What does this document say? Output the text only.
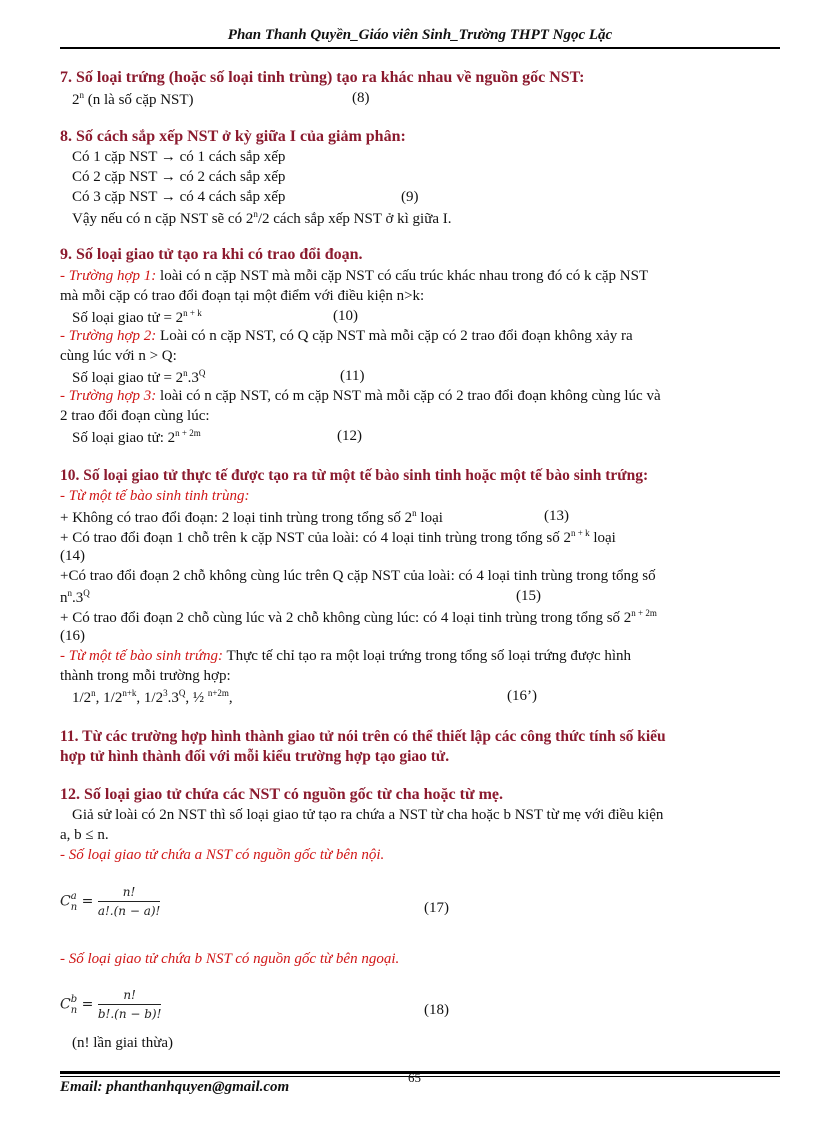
Phan Thanh Quyền_Giáo viên Sinh_Trường THPT Ngọc Lặc
7. Số loại trứng (hoặc số loại tinh trùng) tạo ra khác nhau về nguồn gốc NST:
2$^n$ (n là số cặp NST)	(8)
8. Số cách sắp xếp NST ở kỳ giữa I của giảm phân:
Có 1 cặp NST → có 1 cách sắp xếp
Có 2 cặp NST → có 2 cách sắp xếp
Có 3 cặp NST → có 4 cách sắp xếp	(9)
Vậy nếu có n cặp NST sẽ có 2$^n$/2 cách sắp xếp NST ở kì giữa I.
9. Số loại giao tử tạo ra khi có trao đổi đoạn.
- Trường hợp 1: loài có n cặp NST mà mỗi cặp NST có cấu trúc khác nhau trong đó có k cặp NST
mà mỗi cặp có trao đổi đoạn tại một điểm với điều kiện n>k:
Số loại giao tử = $2^{n + k}$	(10)
- Trường hợp 2: Loài có n cặp NST, có Q cặp NST mà mỗi cặp có 2 trao đổi đoạn không xảy ra
cùng lúc với n > Q:
Số loại giao tử = $2^n.3^Q$	(11)
- Trường hợp 3: loài có n cặp NST, có m cặp NST mà mỗi cặp có 2 trao đổi đoạn không cùng lúc và
2 trao đổi đoạn cùng lúc:
Số loại giao tử: $2^{n + 2m}$	(12)
10. Số loại giao tử thực tế được tạo ra từ một tế bào sinh tinh hoặc một tế bào sinh trứng:
- Từ một tế bào sinh tinh trùng:
+ Không có trao đổi đoạn: 2 loại tinh trùng trong tổng số 2$^n$ loại	(13)
+ Có trao đổi đoạn 1 chỗ trên k cặp NST của loài: có 4 loại tinh trùng trong tổng số $2^{n + k}$ loại
(14)
+Có trao đổi đoạn 2 chỗ không cùng lúc trên Q cặp NST của loài: có 4 loại tinh trùng trong tổng số
$n^n.3^Q$	(15)
+ Có trao đổi đoạn 2 chỗ cùng lúc và 2 chỗ không cùng lúc: có 4 loại tinh trùng trong tổng số $2^{n + 2m}$
(16)
- Từ một tế bào sinh trứng: Thực tế chỉ tạo ra một loại trứng trong tổng số loại trứng được hình
thành trong mỗi trường hợp:
1/2$^n$, $1/2^{n+k}$, $1/2^3.3^Q$, ½ $^{n+2m}$,	(16’)
11. Từ các trường hợp hình thành giao tử nói trên có thể thiết lập các công thức tính số kiểu
hợp tử hình thành đối với mỗi kiểu trường hợp tạo giao tử.
12. Số loại giao tử chứa các NST có nguồn gốc từ cha hoặc từ mẹ.
Giả sử loài có 2n NST thì số loại giao tử tạo ra chứa a NST từ cha hoặc b NST từ mẹ với điều kiện
a, b ≤ n.
- Số loại giao tử chứa a NST có nguồn gốc từ bên nội.
C a
$n = \frac{n!}{a!.(n - a)!}$	(17)
- Số loại giao tử chứa b NST có nguồn gốc từ bên ngoại.
C b
$n = \frac{n!}{b!.(n - b)!}$	(18)
(n! lần giai thừa)
65
Email: phanthanhquyen@gmail.com
